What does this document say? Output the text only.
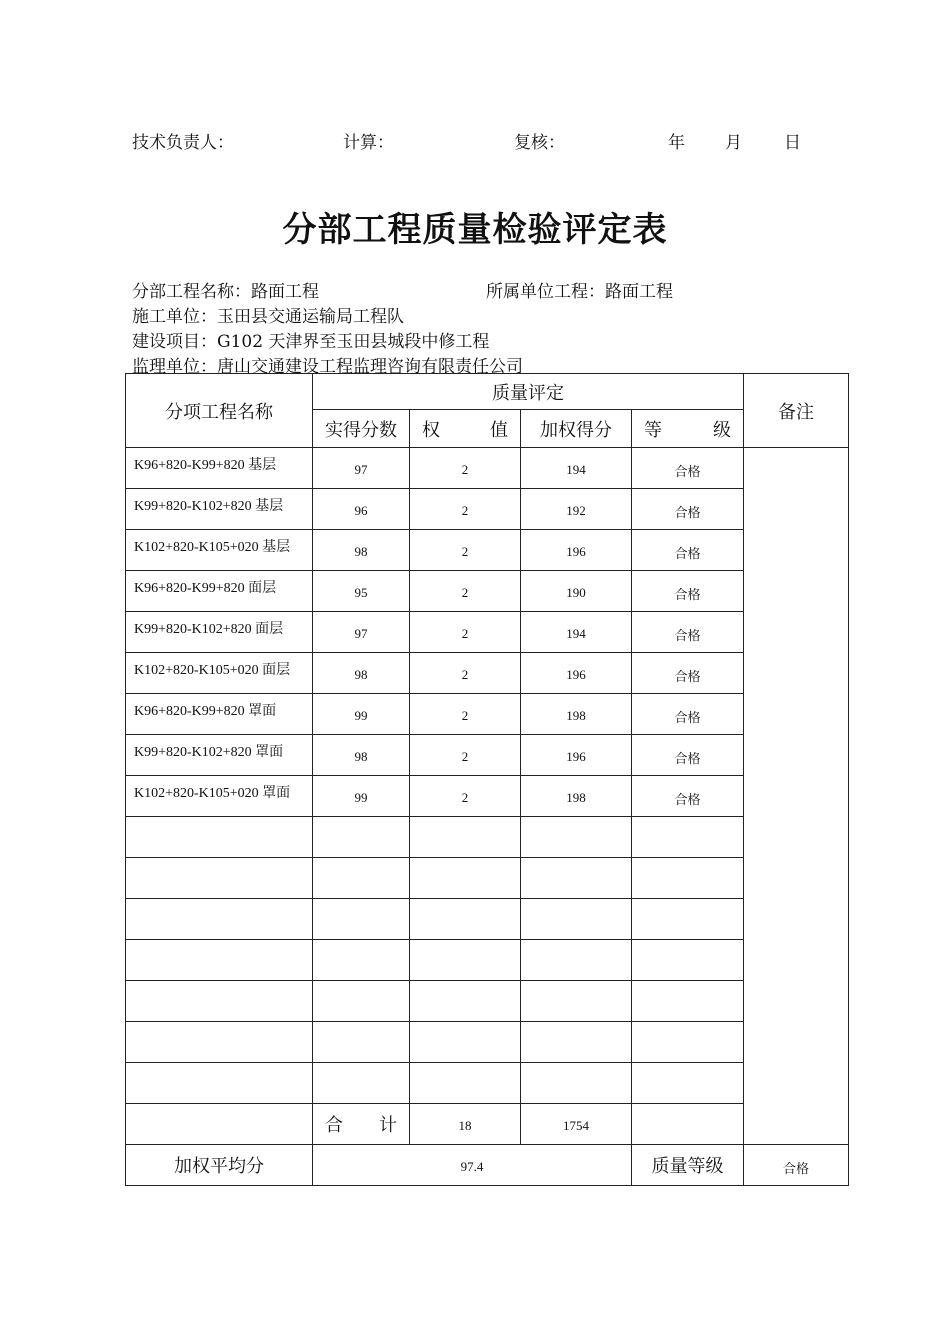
技术负责人：	计算：	复核：	年 月 日
分部工程质量检验评定表
分部工程名称：路面工程	所属单位工程：路面工程
施工单位：玉田县交通运输局工程队
建设项目：G102 天津界至玉田县城段中修工程
监理单位：唐山交通建设工程监理咨询有限责任公司
分项工程名称	质量评定				备注
	实得分数	权 值	加权得分	等 级	

K96+820-K99+820 基层	97	2	194	合格	
K99+820-K102+820 基层	96	2	192	合格	
K102+820-K105+020 基层	98	2	196	合格	
K96+820-K99+820 面层	95	2	190	合格	
K99+820-K102+820 面层	97	2	194	合格	
K102+820-K105+020 面层	98	2	196	合格	
K96+820-K99+820 罩面	99	2	198	合格	
K99+820-K102+820 罩面	98	2	196	合格	
K102+820-K105+020 罩面	99	2	198	合格	

	合 计	18	1754		
加权平均分	97.4			质量等级	合格
